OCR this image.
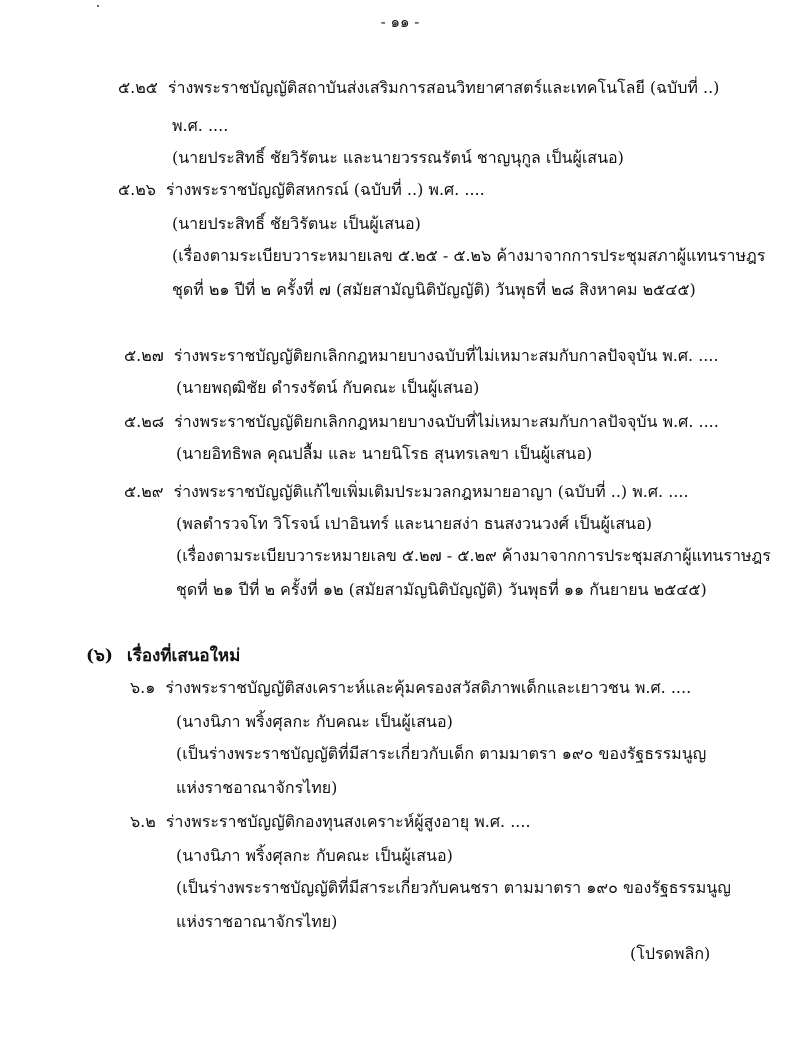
- ๑๑ -
๕.๒๕ ร่างพระราชบัญญัติสถาบันส่งเสริมการสอนวิทยาศาสตร์และเทคโนโลยี (ฉบับที่ ..)
พ.ศ. ....
(นายประสิทธิ์ ชัยวิรัตนะ และนายวรรณรัตน์ ชาญนุกูล เป็นผู้เสนอ)
๕.๒๖ ร่างพระราชบัญญัติสหกรณ์ (ฉบับที่ ..) พ.ศ. ....
(นายประสิทธิ์ ชัยวิรัตนะ เป็นผู้เสนอ)
(เรื่องตามระเบียบวาระหมายเลข ๕.๒๕ - ๕.๒๖ ค้างมาจากการประชุมสภาผู้แทนราษฎร
ชุดที่ ๒๑ ปีที่ ๒ ครั้งที่ ๗ (สมัยสามัญนิติบัญญัติ) วันพุธที่ ๒๘ สิงหาคม ๒๕๔๕)
๕.๒๗ ร่างพระราชบัญญัติยกเลิกกฎหมายบางฉบับที่ไม่เหมาะสมกับกาลปัจจุบัน พ.ศ. ....
(นายพฤฒิชัย ดำรงรัตน์ กับคณะ เป็นผู้เสนอ)
๕.๒๘ ร่างพระราชบัญญัติยกเลิกกฎหมายบางฉบับที่ไม่เหมาะสมกับกาลปัจจุบัน พ.ศ. ....
(นายอิทธิพล คุณปลื้ม และ นายนิโรธ สุนทรเลขา เป็นผู้เสนอ)
๕.๒๙ ร่างพระราชบัญญัติแก้ไขเพิ่มเติมประมวลกฎหมายอาญา (ฉบับที่ ..) พ.ศ. ....
(พลตำรวจโท วิโรจน์ เปาอินทร์ และนายสง่า ธนสงวนวงศ์ เป็นผู้เสนอ)
(เรื่องตามระเบียบวาระหมายเลข ๕.๒๗ - ๕.๒๙ ค้างมาจากการประชุมสภาผู้แทนราษฎร
ชุดที่ ๒๑ ปีที่ ๒ ครั้งที่ ๑๒ (สมัยสามัญนิติบัญญัติ) วันพุธที่ ๑๑ กันยายน ๒๕๔๕)
(๖) เรื่องที่เสนอใหม่
๖.๑ ร่างพระราชบัญญัติสงเคราะห์และคุ้มครองสวัสดิภาพเด็กและเยาวชน พ.ศ. ....
(นางนิภา พริ้งศุลกะ กับคณะ เป็นผู้เสนอ)
(เป็นร่างพระราชบัญญัติที่มีสาระเกี่ยวกับเด็ก ตามมาตรา ๑๙๐ ของรัฐธรรมนูญ
แห่งราชอาณาจักรไทย)
๖.๒ ร่างพระราชบัญญัติกองทุนสงเคราะห์ผู้สูงอายุ พ.ศ. ....
(นางนิภา พริ้งศุลกะ กับคณะ เป็นผู้เสนอ)
(เป็นร่างพระราชบัญญัติที่มีสาระเกี่ยวกับคนชรา ตามมาตรา ๑๙๐ ของรัฐธรรมนูญ
แห่งราชอาณาจักรไทย)
(โปรดพลิก)
